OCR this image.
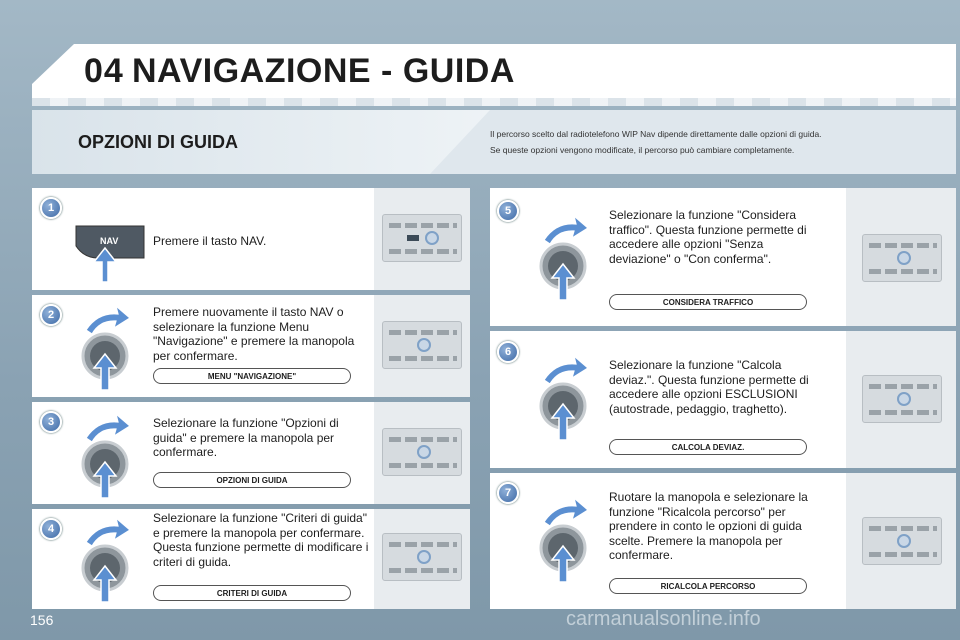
04 NAVIGAZIONE - GUIDA
OPZIONI DI GUIDA	Il percorso scelto dal radiotelefono WIP Nav dipende direttamente dalle opzioni di guida.
Se queste opzioni vengono modificate, il percorso può cambiare completamente.
1
NAV	Premere il tasto NAV.
2	Premere nuovamente il tasto NAV o selezionare la funzione Menu "Navigazione" e premere la manopola per confermare.
MENU "NAVIGAZIONE"
3	Selezionare la funzione "Opzioni di guida" e premere la manopola per confermare.
OPZIONI DI GUIDA
4
Selezionare la funzione "Criteri di guida" e premere la manopola per confermare. Questa funzione permette di modificare i criteri di guida.
CRITERI DI GUIDA
5	Selezionare la funzione "Considera traffico". Questa funzione permette di accedere alle opzioni "Senza deviazione" o "Con conferma".
CONSIDERA TRAFFICO
6
Selezionare la funzione "Calcola deviaz.". Questa funzione permette di accedere alle opzioni ESCLUSIONI (autostrade, pedaggio, traghetto).
CALCOLA DEVIAZ.
7	Ruotare la manopola e selezionare la funzione "Ricalcola percorso" per prendere in conto le opzioni di guida scelte. Premere la manopola per confermare.
RICALCOLA PERCORSO
156	carmanualsonline.info
